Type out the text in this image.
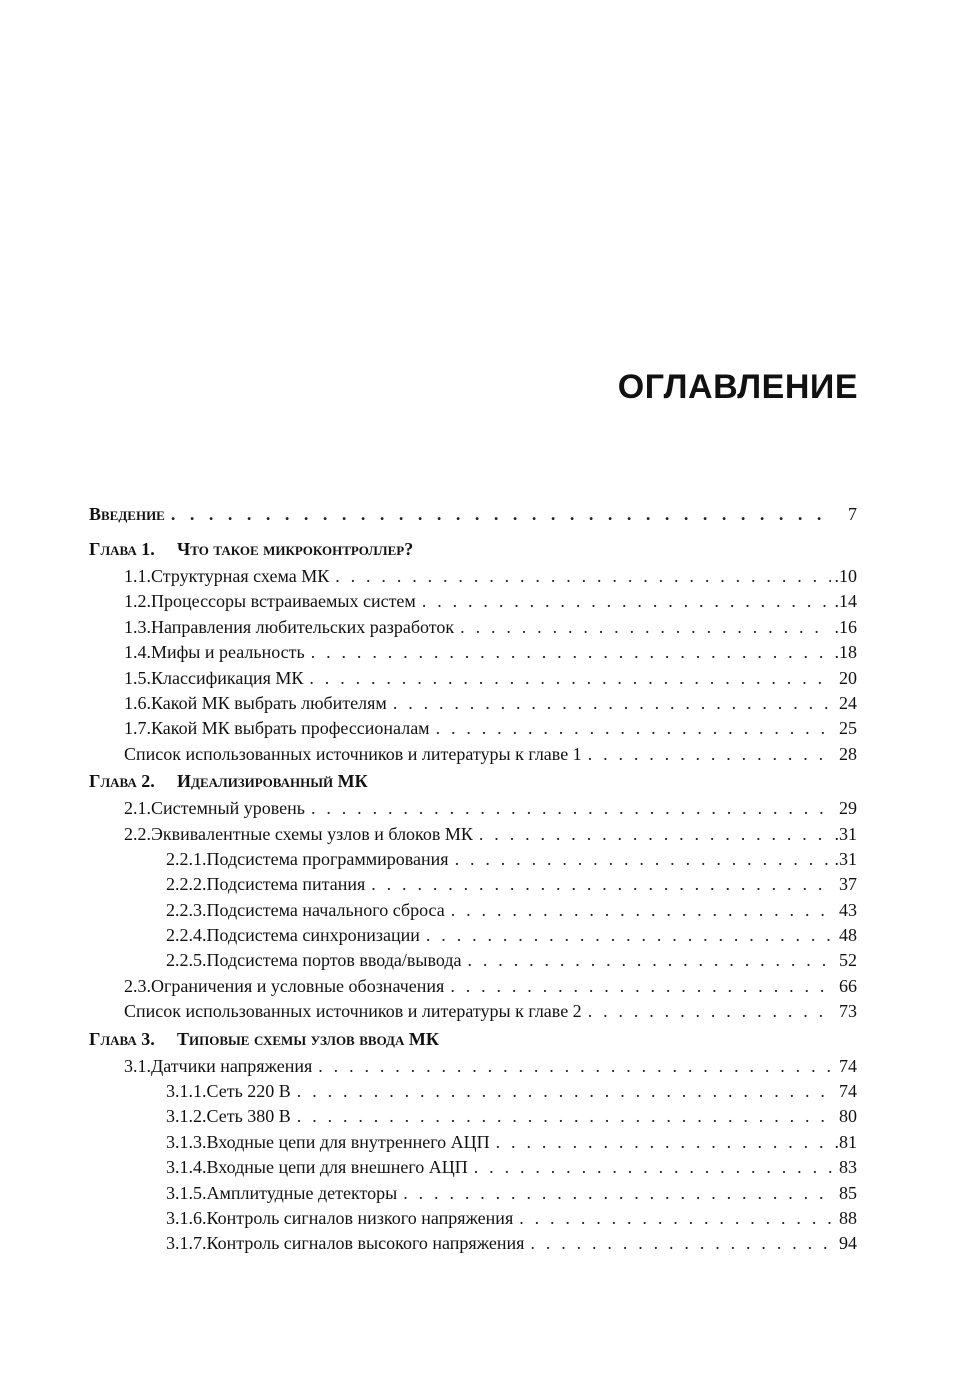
ОГЛАВЛЕНИЕ
Введение . . .	7
Глава 1.	Что такое микроконтроллер?
1.1. Структурная схема МК . . .	.10
1.2. Процессоры встраиваемых систем . . .	.14
1.3. Направления любительских разработок . . .	.16
1.4. Мифы и реальность . . .	.18
1.5. Классификация МК . . .	20
1.6. Какой МК выбрать любителям . . .	24
1.7. Какой МК выбрать профессионалам . . .	25
Список использованных источников и литературы к главе 1 . . .	28
Глава 2.	Идеализированный МК
2.1. Системный уровень . . .	29
2.2. Эквивалентные схемы узлов и блоков МК . . .	.31
2.2.1. Подсистема программирования . . .	.31
2.2.2. Подсистема питания . . .	37
2.2.3. Подсистема начального сброса . . .	43
2.2.4. Подсистема синхронизации . . .	48
2.2.5. Подсистема портов ввода/вывода . . .	52
2.3. Ограничения и условные обозначения . . .	66
Список использованных источников и литературы к главе 2 . . .	73
Глава 3.	Типовые схемы узлов ввода МК
3.1. Датчики напряжения . . .	74
3.1.1. Сеть 220 В . . .	74
3.1.2. Сеть 380 В . . .	80
3.1.3. Входные цепи для внутреннего АЦП . . .	.81
3.1.4. Входные цепи для внешнего АЦП . . .	83
3.1.5. Амплитудные детекторы . . .	85
3.1.6. Контроль сигналов низкого напряжения . . .	88
3.1.7. Контроль сигналов высокого напряжения . . .	94
